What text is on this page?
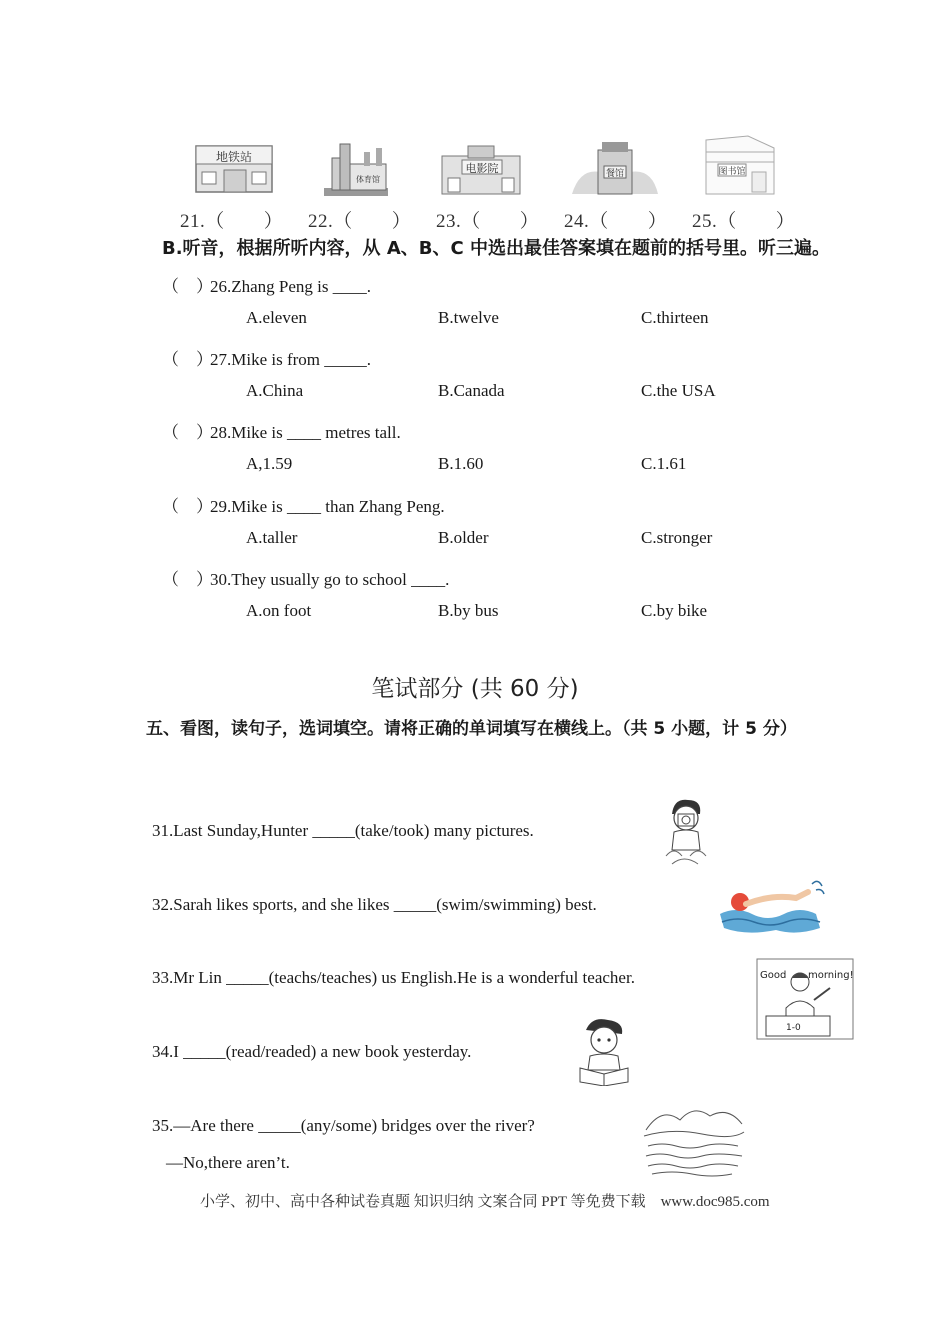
地铁站
体育馆
电影院	餐馆	图书馆
21.（　　） 22.（　　） 23.（　　） 24.（　　） 25.（　　）
B.听音，根据所听内容，从 A、B、C 中选出最佳答案填在题前的括号里。听三遍。
（　）26.Zhang Peng is ____.
A.eleven	B.twelve	C.thirteen
（　）27.Mike is from _____.
A.China	B.Canada	C.the USA
（　）28.Mike is ____ metres tall.
A,1.59	B.1.60	C.1.61
（　）29.Mike is ____ than Zhang Peng.
A.taller	B.older	C.stronger
（　）30.They usually go to school ____.
A.on foot	B.by bus	C.by bike
笔试部分 (共 60 分)
五、看图，读句子，选词填空。请将正确的单词填写在横线上。（共 5 小题，计 5 分）
31.Last Sunday,Hunter _____(take/took) many pictures.
32.Sarah likes sports, and she likes _____(swim/swimming) best.
33.Mr Lin _____(teachs/teaches) us English.He is a wonderful teacher.
34.I _____(read/readed) a new book yesterday.
35.—Are there _____(any/some) bridges over the river?
—No,there aren’t.
Good morning!
1-0
小学、初中、高中各种试卷真题 知识归纳 文案合同 PPT 等免费下载　www.doc985.com
